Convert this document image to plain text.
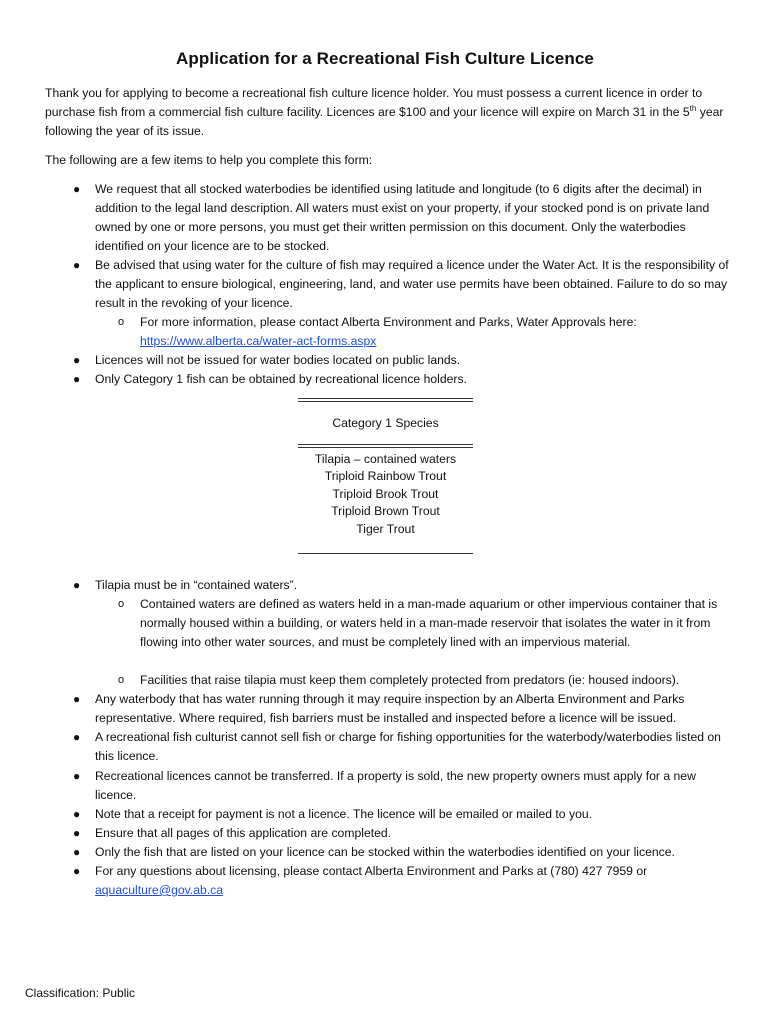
Application for a Recreational Fish Culture Licence

Thank you for applying to become a recreational fish culture licence holder. You must possess a current licence in order to purchase fish from a commercial fish culture facility. Licences are $100 and your licence will expire on March 31 in the 5th year following the year of its issue.

The following are a few items to help you complete this form:

● We request that all stocked waterbodies be identified using latitude and longitude (to 6 digits after the decimal) in addition to the legal land description. All waters must exist on your property, if your stocked pond is on private land owned by one or more persons, you must get their written permission on this document. Only the waterbodies identified on your licence are to be stocked.

● Be advised that using water for the culture of fish may required a licence under the Water Act. It is the responsibility of the applicant to ensure biological, engineering, land, and water use permits have been obtained. Failure to do so may result in the revoking of your licence.

o For more information, please contact Alberta Environment and Parks, Water Approvals here: https://www.alberta.ca/water-act-forms.aspx

● Licences will not be issued for water bodies located on public lands.

● Only Category 1 fish can be obtained by recreational licence holders.

Category 1 Species
Tilapia – contained waters
Triploid Rainbow Trout
Triploid Brook Trout
Triploid Brown Trout
Tiger Trout
● Tilapia must be in “contained waters”.

o Contained waters are defined as waters held in a man-made aquarium or other impervious container that is normally housed within a building, or waters held in a man-made reservoir that isolates the water in it from flowing into other water sources, and must be completely lined with an impervious material.

o Facilities that raise tilapia must keep them completely protected from predators (ie: housed indoors).

● Any waterbody that has water running through it may require inspection by an Alberta Environment and Parks representative. Where required, fish barriers must be installed and inspected before a licence will be issued.

● A recreational fish culturist cannot sell fish or charge for fishing opportunities for the waterbody/waterbodies listed on this licence.

● Recreational licences cannot be transferred. If a property is sold, the new property owners must apply for a new licence.

● Note that a receipt for payment is not a licence. The licence will be emailed or mailed to you.

● Ensure that all pages of this application are completed.

● Only the fish that are listed on your licence can be stocked within the waterbodies identified on your licence.

● For any questions about licensing, please contact Alberta Environment and Parks at (780) 427 7959 or aquaculture@gov.ab.ca

Classification: Public
